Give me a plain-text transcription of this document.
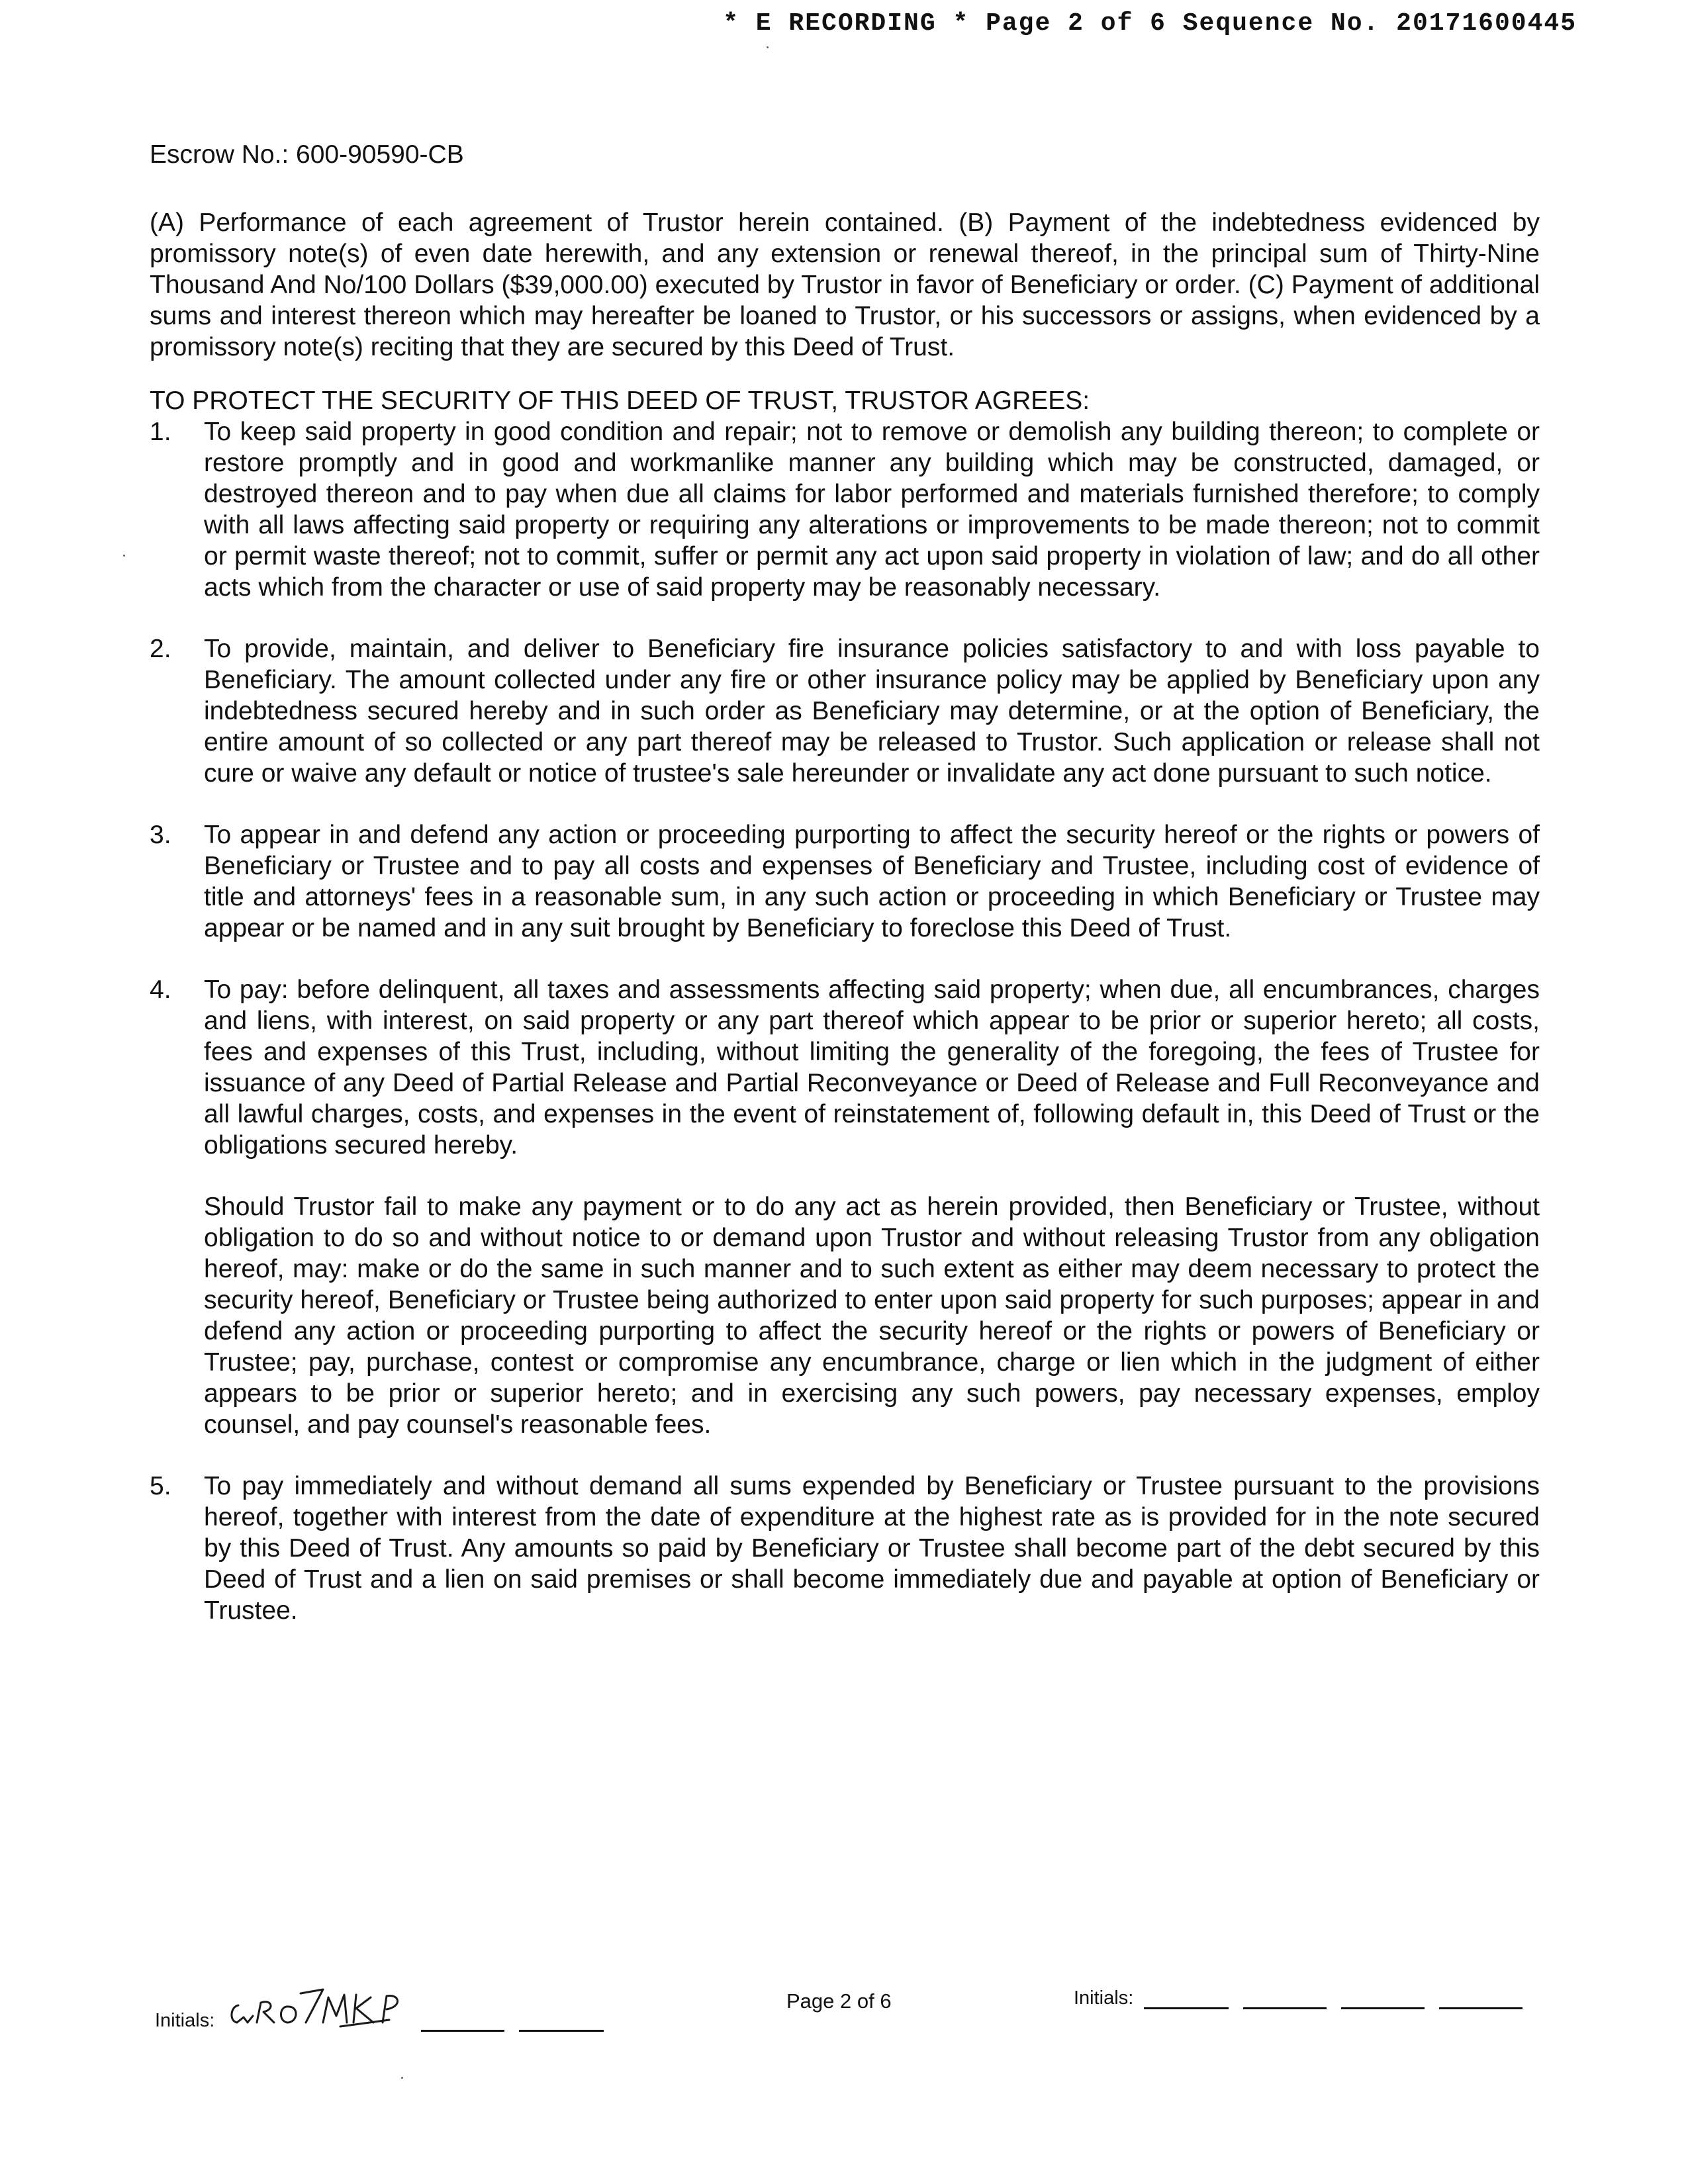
* E RECORDING * Page 2 of 6 Sequence No. 20171600445

Escrow No.: 600-90590-CB

(A) Performance of each agreement of Trustor herein contained. (B) Payment of the indebtedness evidenced by promissory note(s) of even date herewith, and any extension or renewal thereof, in the principal sum of Thirty-Nine Thousand And No/100 Dollars ($39,000.00) executed by Trustor in favor of Beneficiary or order. (C) Payment of additional sums and interest thereon which may hereafter be loaned to Trustor, or his successors or assigns, when evidenced by a promissory note(s) reciting that they are secured by this Deed of Trust.

TO PROTECT THE SECURITY OF THIS DEED OF TRUST, TRUSTOR AGREES:

1. To keep said property in good condition and repair; not to remove or demolish any building thereon; to complete or restore promptly and in good and workmanlike manner any building which may be constructed, damaged, or destroyed thereon and to pay when due all claims for labor performed and materials furnished therefore; to comply with all laws affecting said property or requiring any alterations or improvements to be made thereon; not to commit or permit waste thereof; not to commit, suffer or permit any act upon said property in violation of law; and do all other acts which from the character or use of said property may be reasonably necessary.

2. To provide, maintain, and deliver to Beneficiary fire insurance policies satisfactory to and with loss payable to Beneficiary. The amount collected under any fire or other insurance policy may be applied by Beneficiary upon any indebtedness secured hereby and in such order as Beneficiary may determine, or at the option of Beneficiary, the entire amount of so collected or any part thereof may be released to Trustor. Such application or release shall not cure or waive any default or notice of trustee's sale hereunder or invalidate any act done pursuant to such notice.

3. To appear in and defend any action or proceeding purporting to affect the security hereof or the rights or powers of Beneficiary or Trustee and to pay all costs and expenses of Beneficiary and Trustee, including cost of evidence of title and attorneys' fees in a reasonable sum, in any such action or proceeding in which Beneficiary or Trustee may appear or be named and in any suit brought by Beneficiary to foreclose this Deed of Trust.

4. To pay: before delinquent, all taxes and assessments affecting said property; when due, all encumbrances, charges and liens, with interest, on said property or any part thereof which appear to be prior or superior hereto; all costs, fees and expenses of this Trust, including, without limiting the generality of the foregoing, the fees of Trustee for issuance of any Deed of Partial Release and Partial Reconveyance or Deed of Release and Full Reconveyance and all lawful charges, costs, and expenses in the event of reinstatement of, following default in, this Deed of Trust or the obligations secured hereby.

Should Trustor fail to make any payment or to do any act as herein provided, then Beneficiary or Trustee, without obligation to do so and without notice to or demand upon Trustor and without releasing Trustor from any obligation hereof, may: make or do the same in such manner and to such extent as either may deem necessary to protect the security hereof, Beneficiary or Trustee being authorized to enter upon said property for such purposes; appear in and defend any action or proceeding purporting to affect the security hereof or the rights or powers of Beneficiary or Trustee; pay, purchase, contest or compromise any encumbrance, charge or lien which in the judgment of either appears to be prior or superior hereto; and in exercising any such powers, pay necessary expenses, employ counsel, and pay counsel's reasonable fees.

5. To pay immediately and without demand all sums expended by Beneficiary or Trustee pursuant to the provisions hereof, together with interest from the date of expenditure at the highest rate as is provided for in the note secured by this Deed of Trust. Any amounts so paid by Beneficiary or Trustee shall become part of the debt secured by this Deed of Trust and a lien on said premises or shall become immediately due and payable at option of Beneficiary or Trustee.

Initials:
Page 2 of 6	Initials:
